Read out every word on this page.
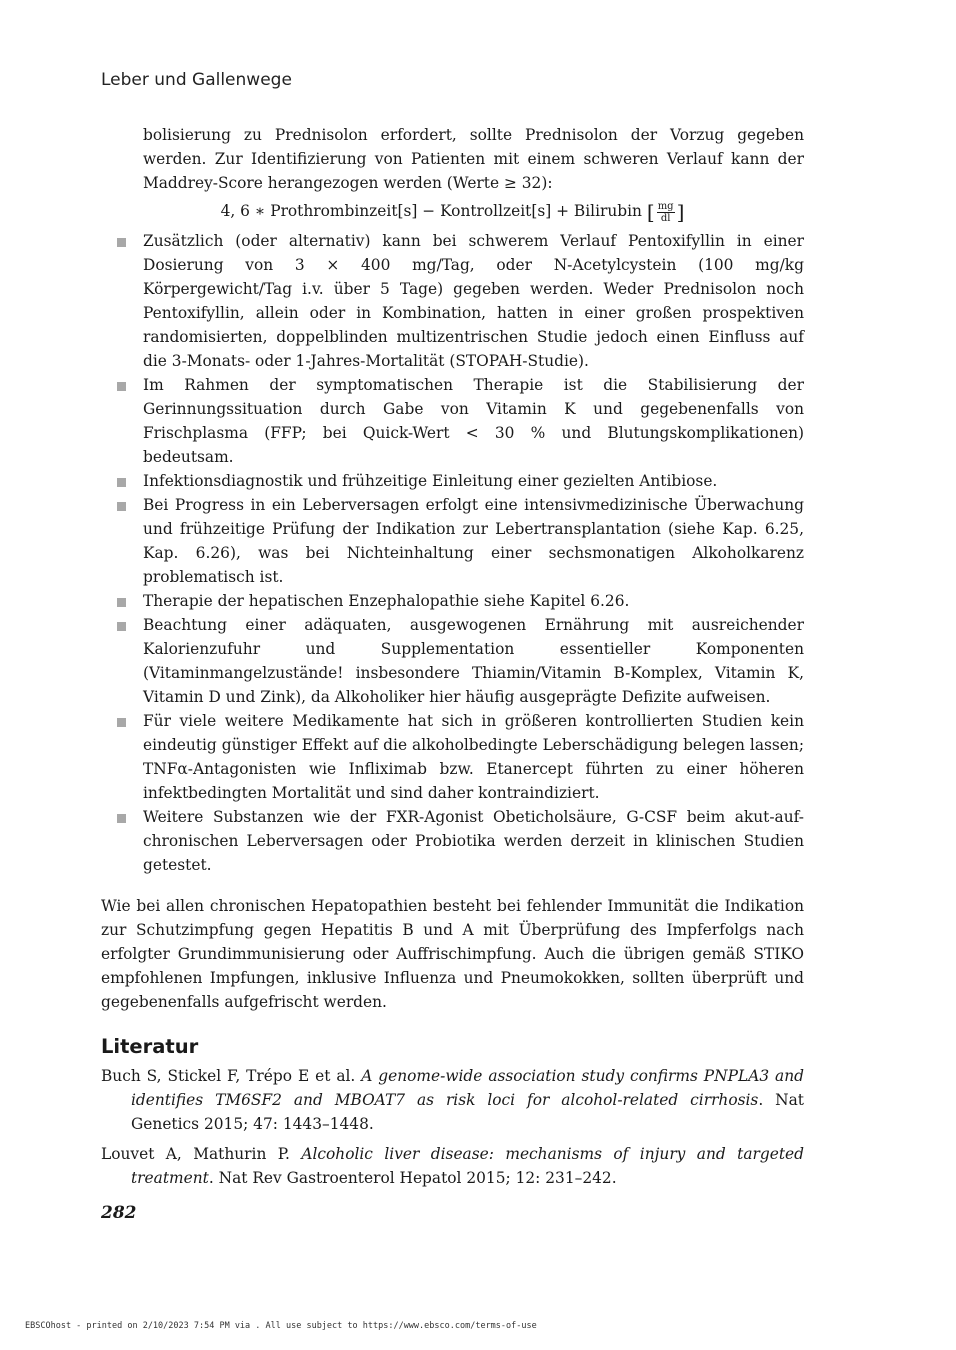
Leber und Gallenwege

bolisierung zu Prednisolon erfordert, sollte Prednisolon der Vorzug gegeben werden. Zur Identifizierung von Patienten mit einem schweren Verlauf kann der Maddrey-Score herangezogen werden (Werte ≥ 32):

4, 6 ∗ Prothrombinzeit[s] − Kontrollzeit[s] + Bilirubin [ $\frac{mg}{dl}$ ]
Zusätzlich (oder alternativ) kann bei schwerem Verlauf Pentoxifyllin in einer Dosierung von 3 × 400 mg/Tag, oder N-Acetylcystein (100 mg/kg Körpergewicht/Tag i.v. über 5 Tage) gegeben werden. Weder Prednisolon noch Pentoxifyllin, allein oder in Kombination, hatten in einer großen prospektiven randomisierten, doppelblinden multizentrischen Studie jedoch einen Einfluss auf die 3-Monats- oder 1-Jahres-Mortalität (STOPAH-Studie).
Im Rahmen der symptomatischen Therapie ist die Stabilisierung der Gerinnungssituation durch Gabe von Vitamin K und gegebenenfalls von Frischplasma (FFP; bei Quick-Wert < 30 % und Blutungskomplikationen) bedeutsam.
Infektionsdiagnostik und frühzeitige Einleitung einer gezielten Antibiose.
Bei Progress in ein Leberversagen erfolgt eine intensivmedizinische Überwachung und frühzeitige Prüfung der Indikation zur Lebertransplantation (siehe Kap. 6.25, Kap. 6.26), was bei Nichteinhaltung einer sechsmonatigen Alkoholkarenz problematisch ist.
Therapie der hepatischen Enzephalopathie siehe Kapitel 6.26.
Beachtung einer adäquaten, ausgewogenen Ernährung mit ausreichender Kalorienzufuhr und Supplementation essentieller Komponenten (Vitaminmangelzustände! insbesondere Thiamin/Vitamin B-Komplex, Vitamin K, Vitamin D und Zink), da Alkoholiker hier häufig ausgeprägte Defizite aufweisen.
Für viele weitere Medikamente hat sich in größeren kontrollierten Studien kein eindeutig günstiger Effekt auf die alkoholbedingte Leberschädigung belegen lassen; TNFα-Antagonisten wie Infliximab bzw. Etanercept führten zu einer höheren infektbedingten Mortalität und sind daher kontraindiziert.
Weitere Substanzen wie der FXR-Agonist Obeticholsäure, G-CSF beim akut-auf-chronischen Leberversagen oder Probiotika werden derzeit in klinischen Studien getestet.

Wie bei allen chronischen Hepatopathien besteht bei fehlender Immunität die Indikation zur Schutzimpfung gegen Hepatitis B und A mit Überprüfung des Impferfolgs nach erfolgter Grundimmunisierung oder Auffrischimpfung. Auch die übrigen gemäß STIKO empfohlenen Impfungen, inklusive Influenza und Pneumokokken, sollten überprüft und gegebenenfalls aufgefrischt werden.

Literatur

Buch S, Stickel F, Trépo E et al. A genome-wide association study confirms PNPLA3 and identifies TM6SF2 and MBOAT7 as risk loci for alcohol-related cirrhosis. Nat Genetics 2015; 47: 1443–1448.

Louvet A, Mathurin P. Alcoholic liver disease: mechanisms of injury and targeted treatment. Nat Rev Gastroenterol Hepatol 2015; 12: 231–242.

282
EBSCOhost - printed on 2/10/2023 7:54 PM via . All use subject to https://www.ebsco.com/terms-of-use
